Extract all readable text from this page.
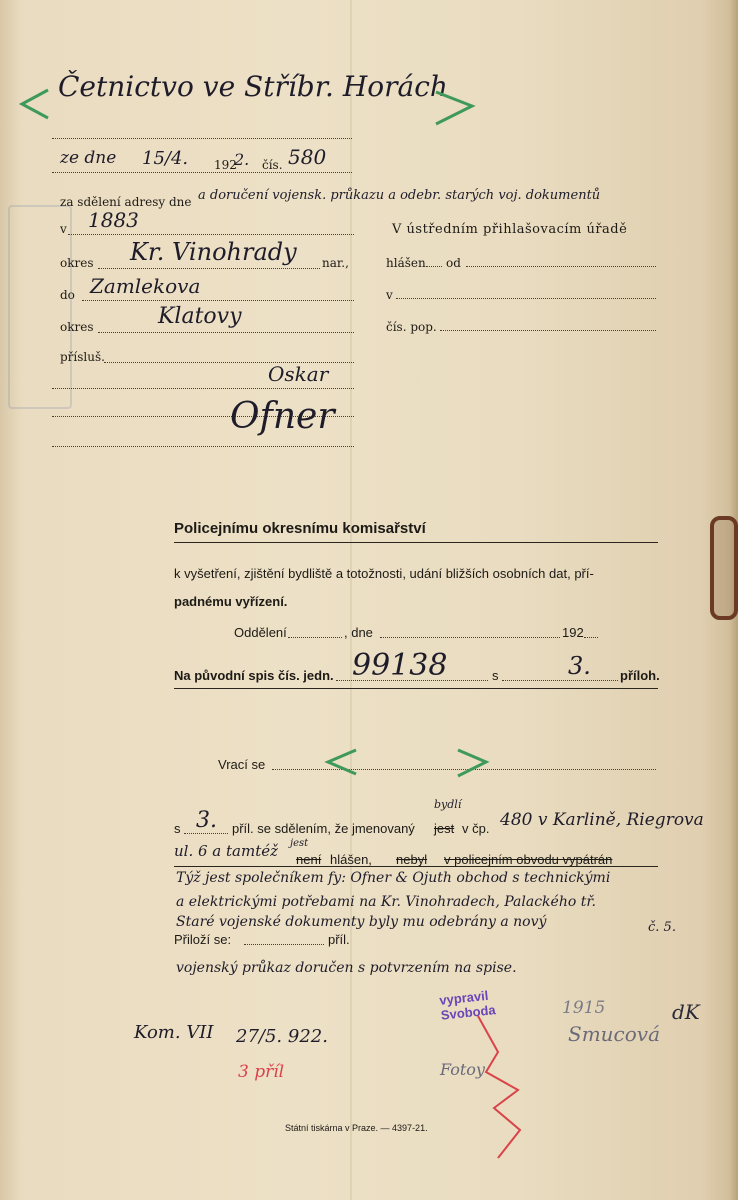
Četnictvo ve Stříbr. Horách
ze dne 15/4. 192
2. čís. 580
za sdělení adresy dne a doručení vojensk. průkazu a odebr. starých voj. dokumentů
v 1883
okres Kr. Vinohrady nar.,
do Zamlekova
okres	Klatovy
přísluš.
Oskar
Ofner
V ústředním přihlašovacím úřadě
hlášen od
v
čís. pop.
Policejnímu okresnímu komisařství
k vyšetření, zjištění bydliště a totožnosti, udání bližších osobních dat, pří-
padnému vyřízení.
Oddělení	, dne	192
Na původní spis čís. jedn. 99138	s	3. příloh.
Vrací se
s 3. příl. se sdělením, že jmenovaný
bydlí
jest v čp. 480 v Karlině, Riegrova
ul. 6 a tamtéž jest
není hlášen, nebyl v policejním obvodu vypátrán
Týž jest společníkem fy: Ofner & Ojuth obchod s technickými
a elektrickými potřebami na Kr. Vinohradech, Palackého tř.
č. 5.
Staré vojenské dokumenty byly mu odebrány a nový
Přiloží se:	příl.
vojenský průkaz doručen s potvrzením na spise.
Kom. VII 27/5. 922.
3 příl
vypravil
Svoboda	1915
Fotoy
Smucová
dK
Státní tiskárna v Praze. — 4397-21.
